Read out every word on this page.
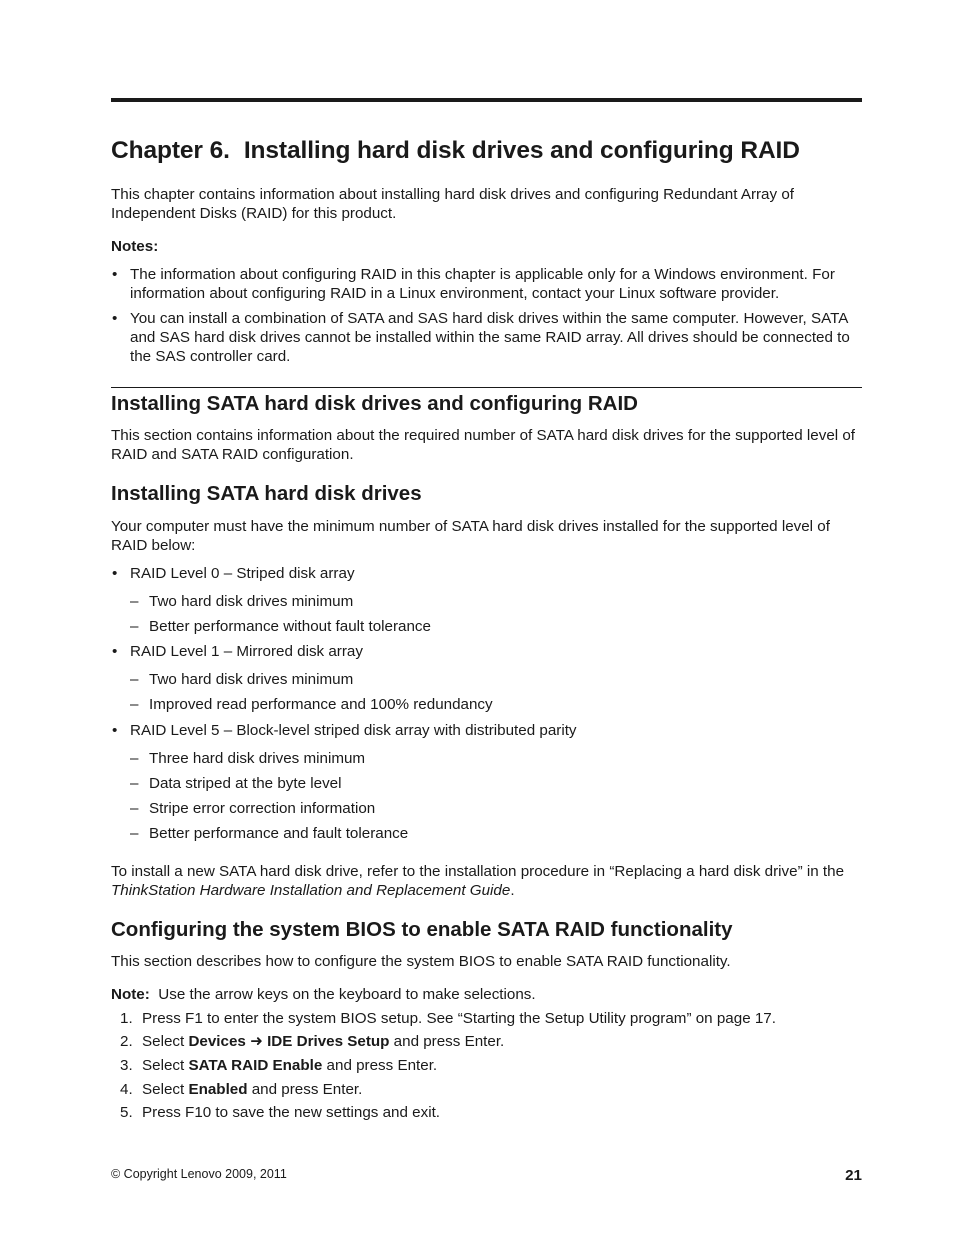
Chapter 6. Installing hard disk drives and configuring RAID

This chapter contains information about installing hard disk drives and configuring Redundant Array of Independent Disks (RAID) for this product.

Notes:

• The information about configuring RAID in this chapter is applicable only for a Windows environment. For information about configuring RAID in a Linux environment, contact your Linux software provider.
• You can install a combination of SATA and SAS hard disk drives within the same computer. However, SATA and SAS hard disk drives cannot be installed within the same RAID array. All drives should be connected to the SAS controller card.
Installing SATA hard disk drives and configuring RAID

This section contains information about the required number of SATA hard disk drives for the supported level of RAID and SATA RAID configuration.

Installing SATA hard disk drives

Your computer must have the minimum number of SATA hard disk drives installed for the supported level of RAID below:

• RAID Level 0 – Striped disk array
– Two hard disk drives minimum
– Better performance without fault tolerance
• RAID Level 1 – Mirrored disk array
– Two hard disk drives minimum
– Improved read performance and 100% redundancy
• RAID Level 5 – Block-level striped disk array with distributed parity
– Three hard disk drives minimum
– Data striped at the byte level
– Stripe error correction information
– Better performance and fault tolerance

To install a new SATA hard disk drive, refer to the installation procedure in “Replacing a hard disk drive” in the ThinkStation Hardware Installation and Replacement Guide.

Configuring the system BIOS to enable SATA RAID functionality

This section describes how to configure the system BIOS to enable SATA RAID functionality.

Note: Use the arrow keys on the keyboard to make selections.

1. Press F1 to enter the system BIOS setup. See “Starting the Setup Utility program” on page 17.
2. Select Devices ➜ IDE Drives Setup and press Enter.
3. Select SATA RAID Enable and press Enter.
4. Select Enabled and press Enter.
5. Press F10 to save the new settings and exit.
© Copyright Lenovo 2009, 2011	21
